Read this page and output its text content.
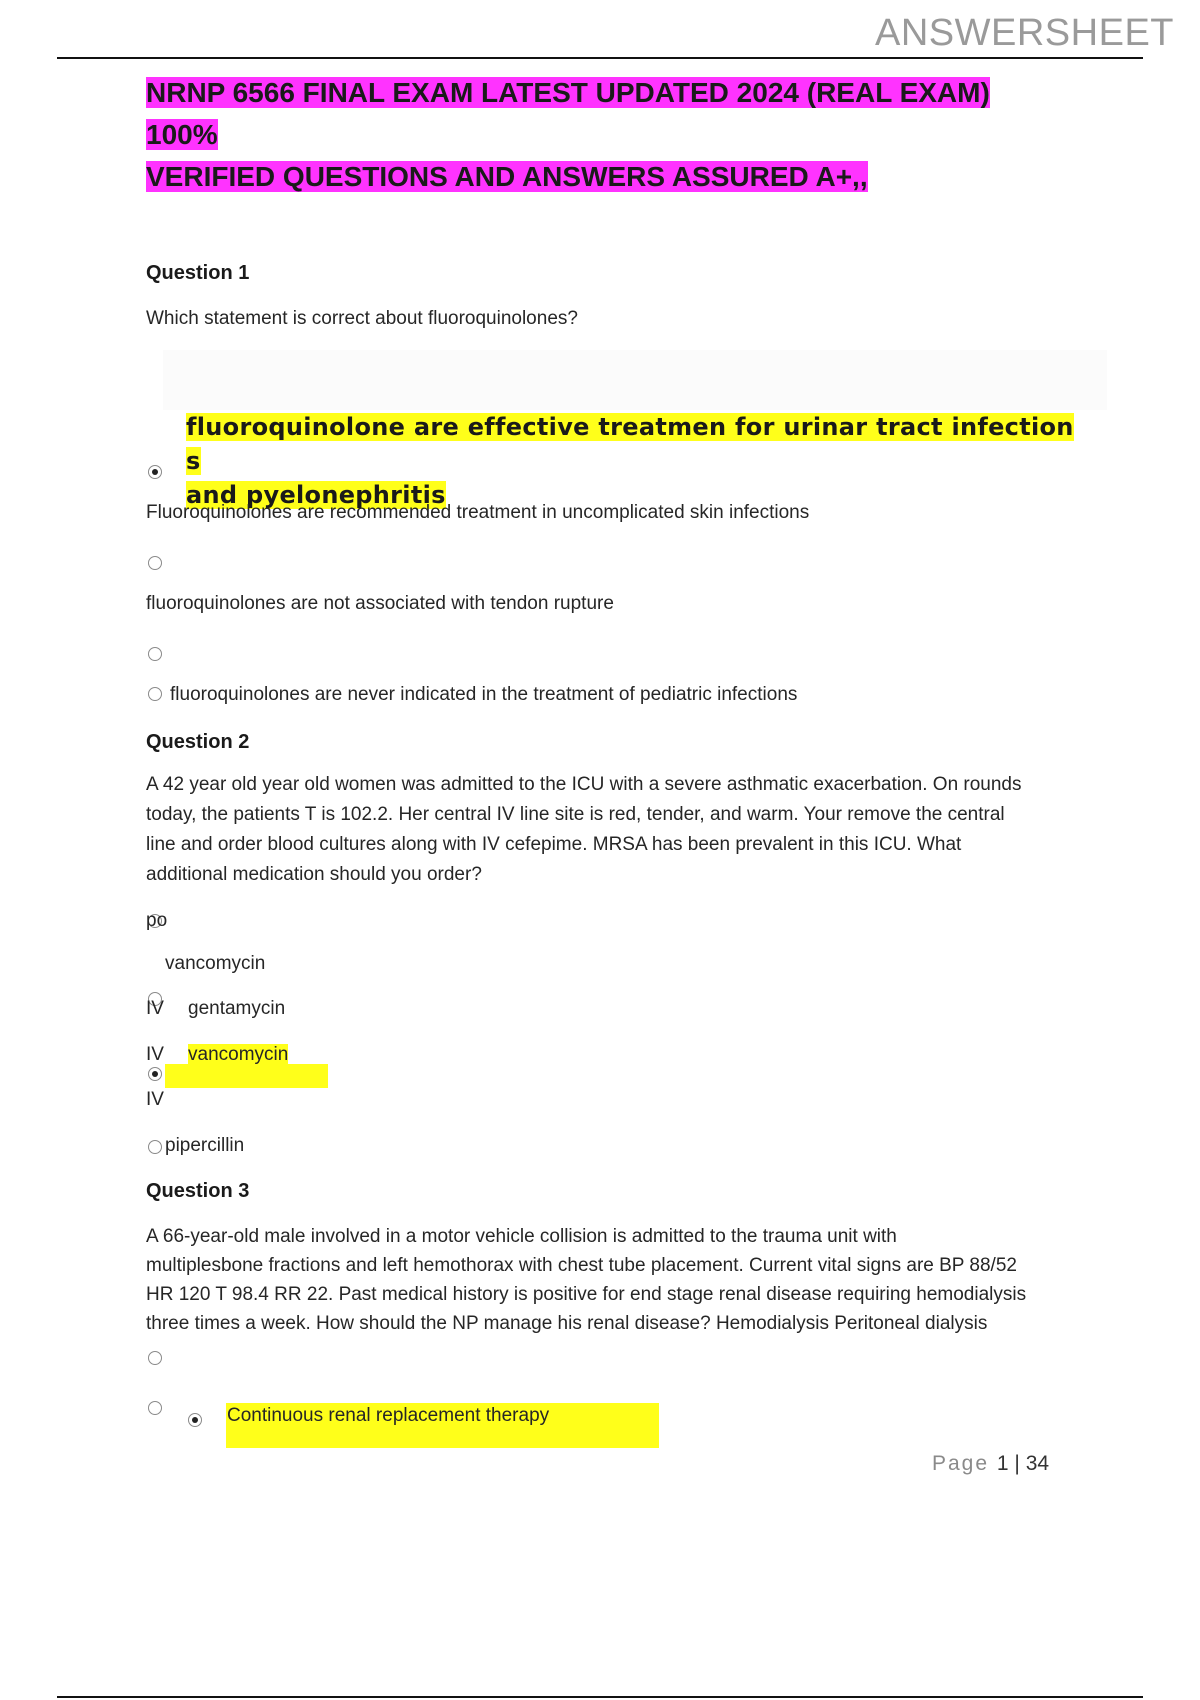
ANSWERSHEET
NRNP 6566 FINAL EXAM LATEST UPDATED 2024 (REAL EXAM) 100%
VERIFIED QUESTIONS AND ANSWERS ASSURED A+,,
Question 1
Which statement is correct about fluoroquinolones?
fluoroquinolone are effective treatmen for urinar tract infection s
and pyelonephritis
Fluoroquinolones are recommended treatment in uncomplicated skin infections
fluoroquinolones are not associated with tendon rupture
fluoroquinolones are never indicated in the treatment of pediatric infections
Question 2
A 42 year old year old women was admitted to the ICU with a severe asthmatic exacerbation. On rounds
today, the patients T is 102.2. Her central IV line site is red, tender, and warm. Your remove the central
line and order blood cultures along with IV cefepime. MRSA has been prevalent in this ICU. What
additional medication should you order?
po
vancomycin
IV gentamycin
IV vancomycin
IV
pipercillin
Question 3
A 66-year-old male involved in a motor vehicle collision is admitted to the trauma unit with
multiplesbone fractions and left hemothorax with chest tube placement. Current vital signs are BP 88/52
HR 120 T 98.4 RR 22. Past medical history is positive for end stage renal disease requiring hemodialysis
three times a week. How should the NP manage his renal disease? Hemodialysis Peritoneal dialysis
Continuous renal replacement therapy
Page 1 | 34
